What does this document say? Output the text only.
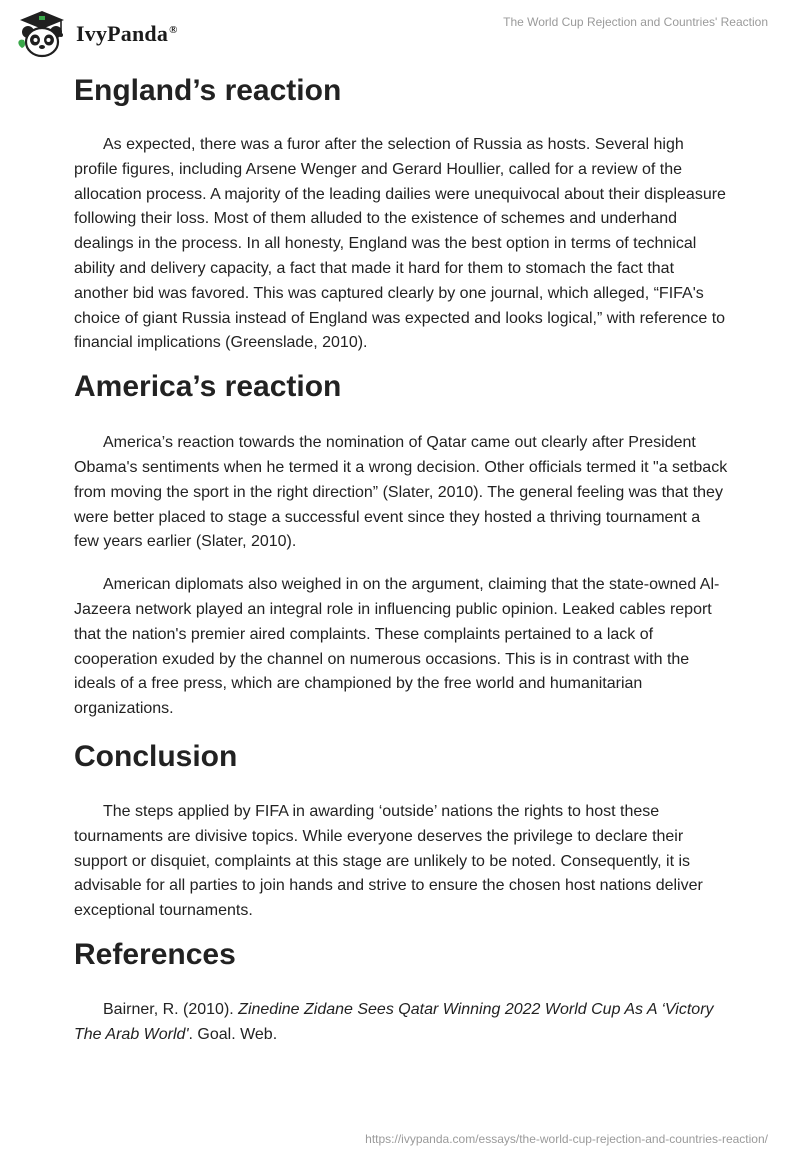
IvyPanda®
The World Cup Rejection and Countries' Reaction
England’s reaction

As expected, there was a furor after the selection of Russia as hosts. Several high profile figures, including Arsene Wenger and Gerard Houllier, called for a review of the allocation process. A majority of the leading dailies were unequivocal about their displeasure following their loss. Most of them alluded to the existence of schemes and underhand dealings in the process. In all honesty, England was the best option in terms of technical ability and delivery capacity, a fact that made it hard for them to stomach the fact that another bid was favored. This was captured clearly by one journal, which alleged, “FIFA's choice of giant Russia instead of England was expected and looks logical,” with reference to financial implications (Greenslade, 2010).

America’s reaction

America’s reaction towards the nomination of Qatar came out clearly after President Obama's sentiments when he termed it a wrong decision. Other officials termed it "a setback from moving the sport in the right direction” (Slater, 2010). The general feeling was that they were better placed to stage a successful event since they hosted a thriving tournament a few years earlier (Slater, 2010).

American diplomats also weighed in on the argument, claiming that the state-owned Al-Jazeera network played an integral role in influencing public opinion. Leaked cables report that the nation's premier aired complaints. These complaints pertained to a lack of cooperation exuded by the channel on numerous occasions. This is in contrast with the ideals of a free press, which are championed by the free world and humanitarian organizations.

Conclusion

The steps applied by FIFA in awarding ‘outside’ nations the rights to host these tournaments are divisive topics. While everyone deserves the privilege to declare their support or disquiet, complaints at this stage are unlikely to be noted. Consequently, it is advisable for all parties to join hands and strive to ensure the chosen host nations deliver exceptional tournaments.

References

Bairner, R. (2010). Zinedine Zidane Sees Qatar Winning 2022 World Cup As A ‘Victory The Arab World'. Goal. Web.

https://ivypanda.com/essays/the-world-cup-rejection-and-countries-reaction/
